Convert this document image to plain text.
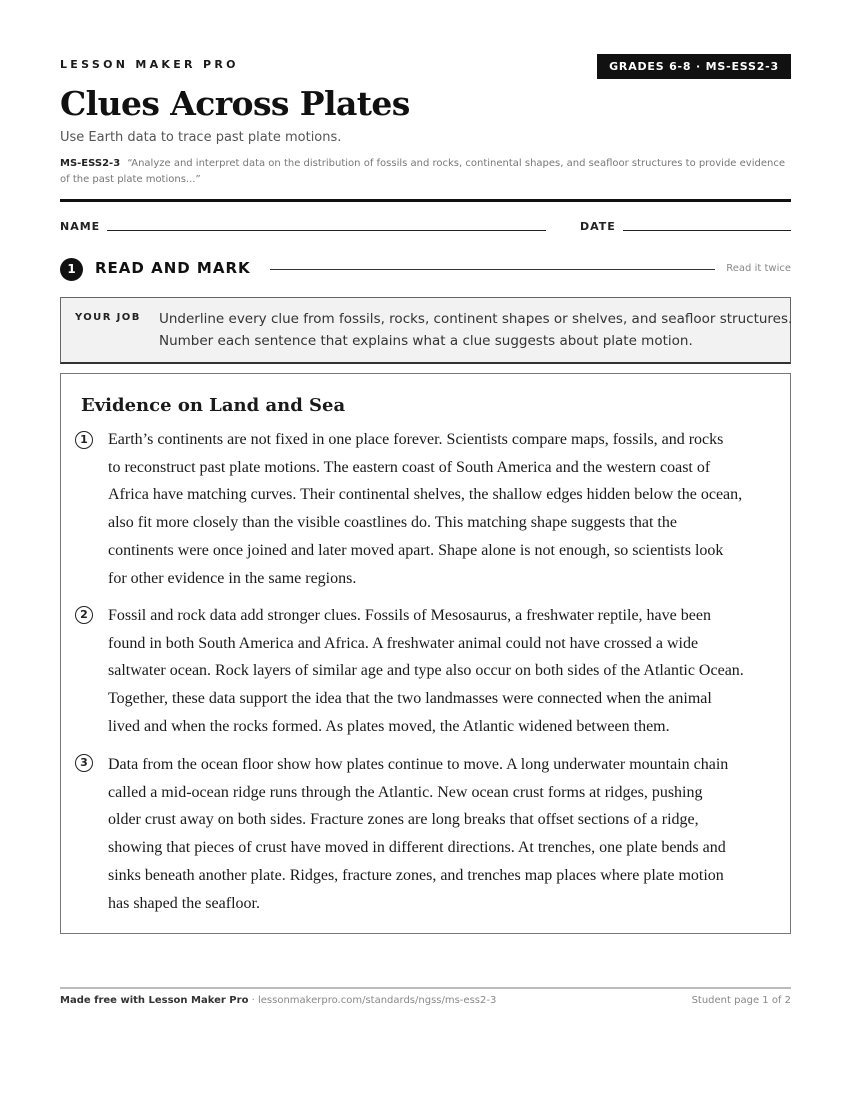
LESSON MAKER PRO	GRADES 6-8 · MS-ESS2-3
Clues Across Plates
Use Earth data to trace past plate motions.
MS-ESS2-3 “Analyze and interpret data on the distribution of fossils and rocks, continental shapes, and seafloor structures to provide evidence of the past plate motions...”
NAME	DATE
1	READ AND MARK	Read it twice
YOUR JOB Underline every clue from fossils, rocks, continent shapes or shelves, and seafloor structures.
Number each sentence that explains what a clue suggests about plate motion.
Evidence on Land and Sea
1	Earth’s continents are not fixed in one place forever. Scientists compare maps, fossils, and rocks
to reconstruct past plate motions. The eastern coast of South America and the western coast of
Africa have matching curves. Their continental shelves, the shallow edges hidden below the ocean,
also fit more closely than the visible coastlines do. This matching shape suggests that the
continents were once joined and later moved apart. Shape alone is not enough, so scientists look
for other evidence in the same regions.
2	Fossil and rock data add stronger clues. Fossils of Mesosaurus, a freshwater reptile, have been
found in both South America and Africa. A freshwater animal could not have crossed a wide
saltwater ocean. Rock layers of similar age and type also occur on both sides of the Atlantic Ocean.
Together, these data support the idea that the two landmasses were connected when the animal
lived and when the rocks formed. As plates moved, the Atlantic widened between them.
3	Data from the ocean floor show how plates continue to move. A long underwater mountain chain
called a mid-ocean ridge runs through the Atlantic. New ocean crust forms at ridges, pushing
older crust away on both sides. Fracture zones are long breaks that offset sections of a ridge,
showing that pieces of crust have moved in different directions. At trenches, one plate bends and
sinks beneath another plate. Ridges, fracture zones, and trenches map places where plate motion
has shaped the seafloor.
Made free with Lesson Maker Pro · lessonmakerpro.com/standards/ngss/ms-ess2-3	Student page 1 of 2
